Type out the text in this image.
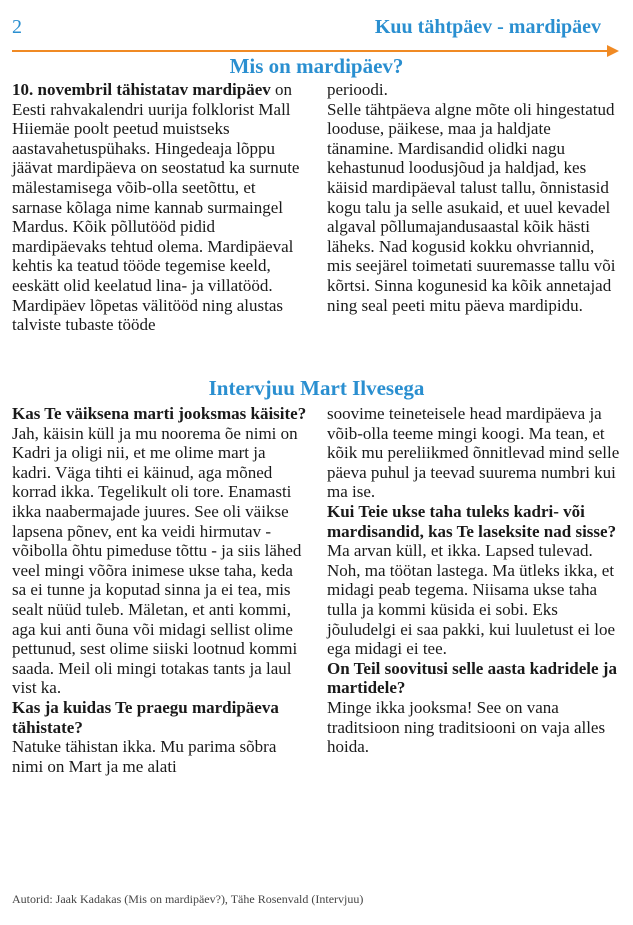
2	Kuu tähtpäev - mardipäev
Mis on mardipäev?

10. novembril tähistatav mardipäev on Eesti rahvakalendri uurija folklorist Mall Hiiemäe poolt peetud muistseks aastavahetuspühaks. Hingedeaja lõppu jäävat mardipäeva on seostatud ka surnute mälestamisega võib-olla seetõttu, et sarnase kõlaga nime kannab surmaingel Mardus. Kõik põllutööd pidid mardipäevaks tehtud olema. Mardipäeval kehtis ka teatud tööde tegemise keeld, eeskätt olid keelatud lina- ja villatööd. Mardipäev lõpetas välitööd ning alustas talviste tubaste tööde

perioodi.

Selle tähtpäeva algne mõte oli hingestatud looduse, päikese, maa ja haldjate tänamine. Mardisandid olidki nagu kehastunud loodusjõud ja haldjad, kes käisid mardipäeval talust tallu, õnnistasid kogu talu ja selle asukaid, et uuel kevadel algaval põllumajandusaastal kõik hästi läheks. Nad kogusid kokku ohvriannid, mis seejärel toimetati suuremasse tallu või kõrtsi. Sinna kogunesid ka kõik annetajad ning seal peeti mitu päeva mardipidu.

Intervjuu Mart Ilvesega

Kas Te väiksena marti jooksmas käisite?

Jah, käisin küll ja mu noorema õe nimi on Kadri ja oligi nii, et me olime mart ja kadri. Väga tihti ei käinud, aga mõned korrad ikka. Tegelikult oli tore. Enamasti ikka naabermajade juures. See oli väikse lapsena põnev, ent ka veidi hirmutav - võibolla õhtu pimeduse tõttu - ja siis lähed veel mingi võõra inimese ukse taha, keda sa ei tunne ja koputad sinna ja ei tea, mis sealt nüüd tuleb. Mäletan, et anti kommi, aga kui anti õuna või midagi sellist olime pettunud, sest olime siiski lootnud kommi saada. Meil oli mingi totakas tants ja laul vist ka.

Kas ja kuidas Te praegu mardipäeva tähistate?

Natuke tähistan ikka. Mu parima sõbra nimi on Mart ja me alati

soovime teineteisele head mardipäeva ja võib-olla teeme mingi koogi. Ma tean, et kõik mu pereliikmed õnnitlevad mind selle päeva puhul ja teevad suurema numbri kui ma ise.

Kui Teie ukse taha tuleks kadri- või mardisandid, kas Te laseksite nad sisse?

Ma arvan küll, et ikka. Lapsed tulevad. Noh, ma töötan lastega. Ma ütleks ikka, et midagi peab tegema. Niisama ukse taha tulla ja kommi küsida ei sobi. Eks jõuludelgi ei saa pakki, kui luuletust ei loe ega midagi ei tee.

On Teil soovitusi selle aasta kadridele ja martidele?

Minge ikka jooksma! See on vana traditsioon ning traditsiooni on vaja alles hoida.

Autorid: Jaak Kadakas (Mis on mardipäev?), Tähe Rosenvald (Intervjuu)
